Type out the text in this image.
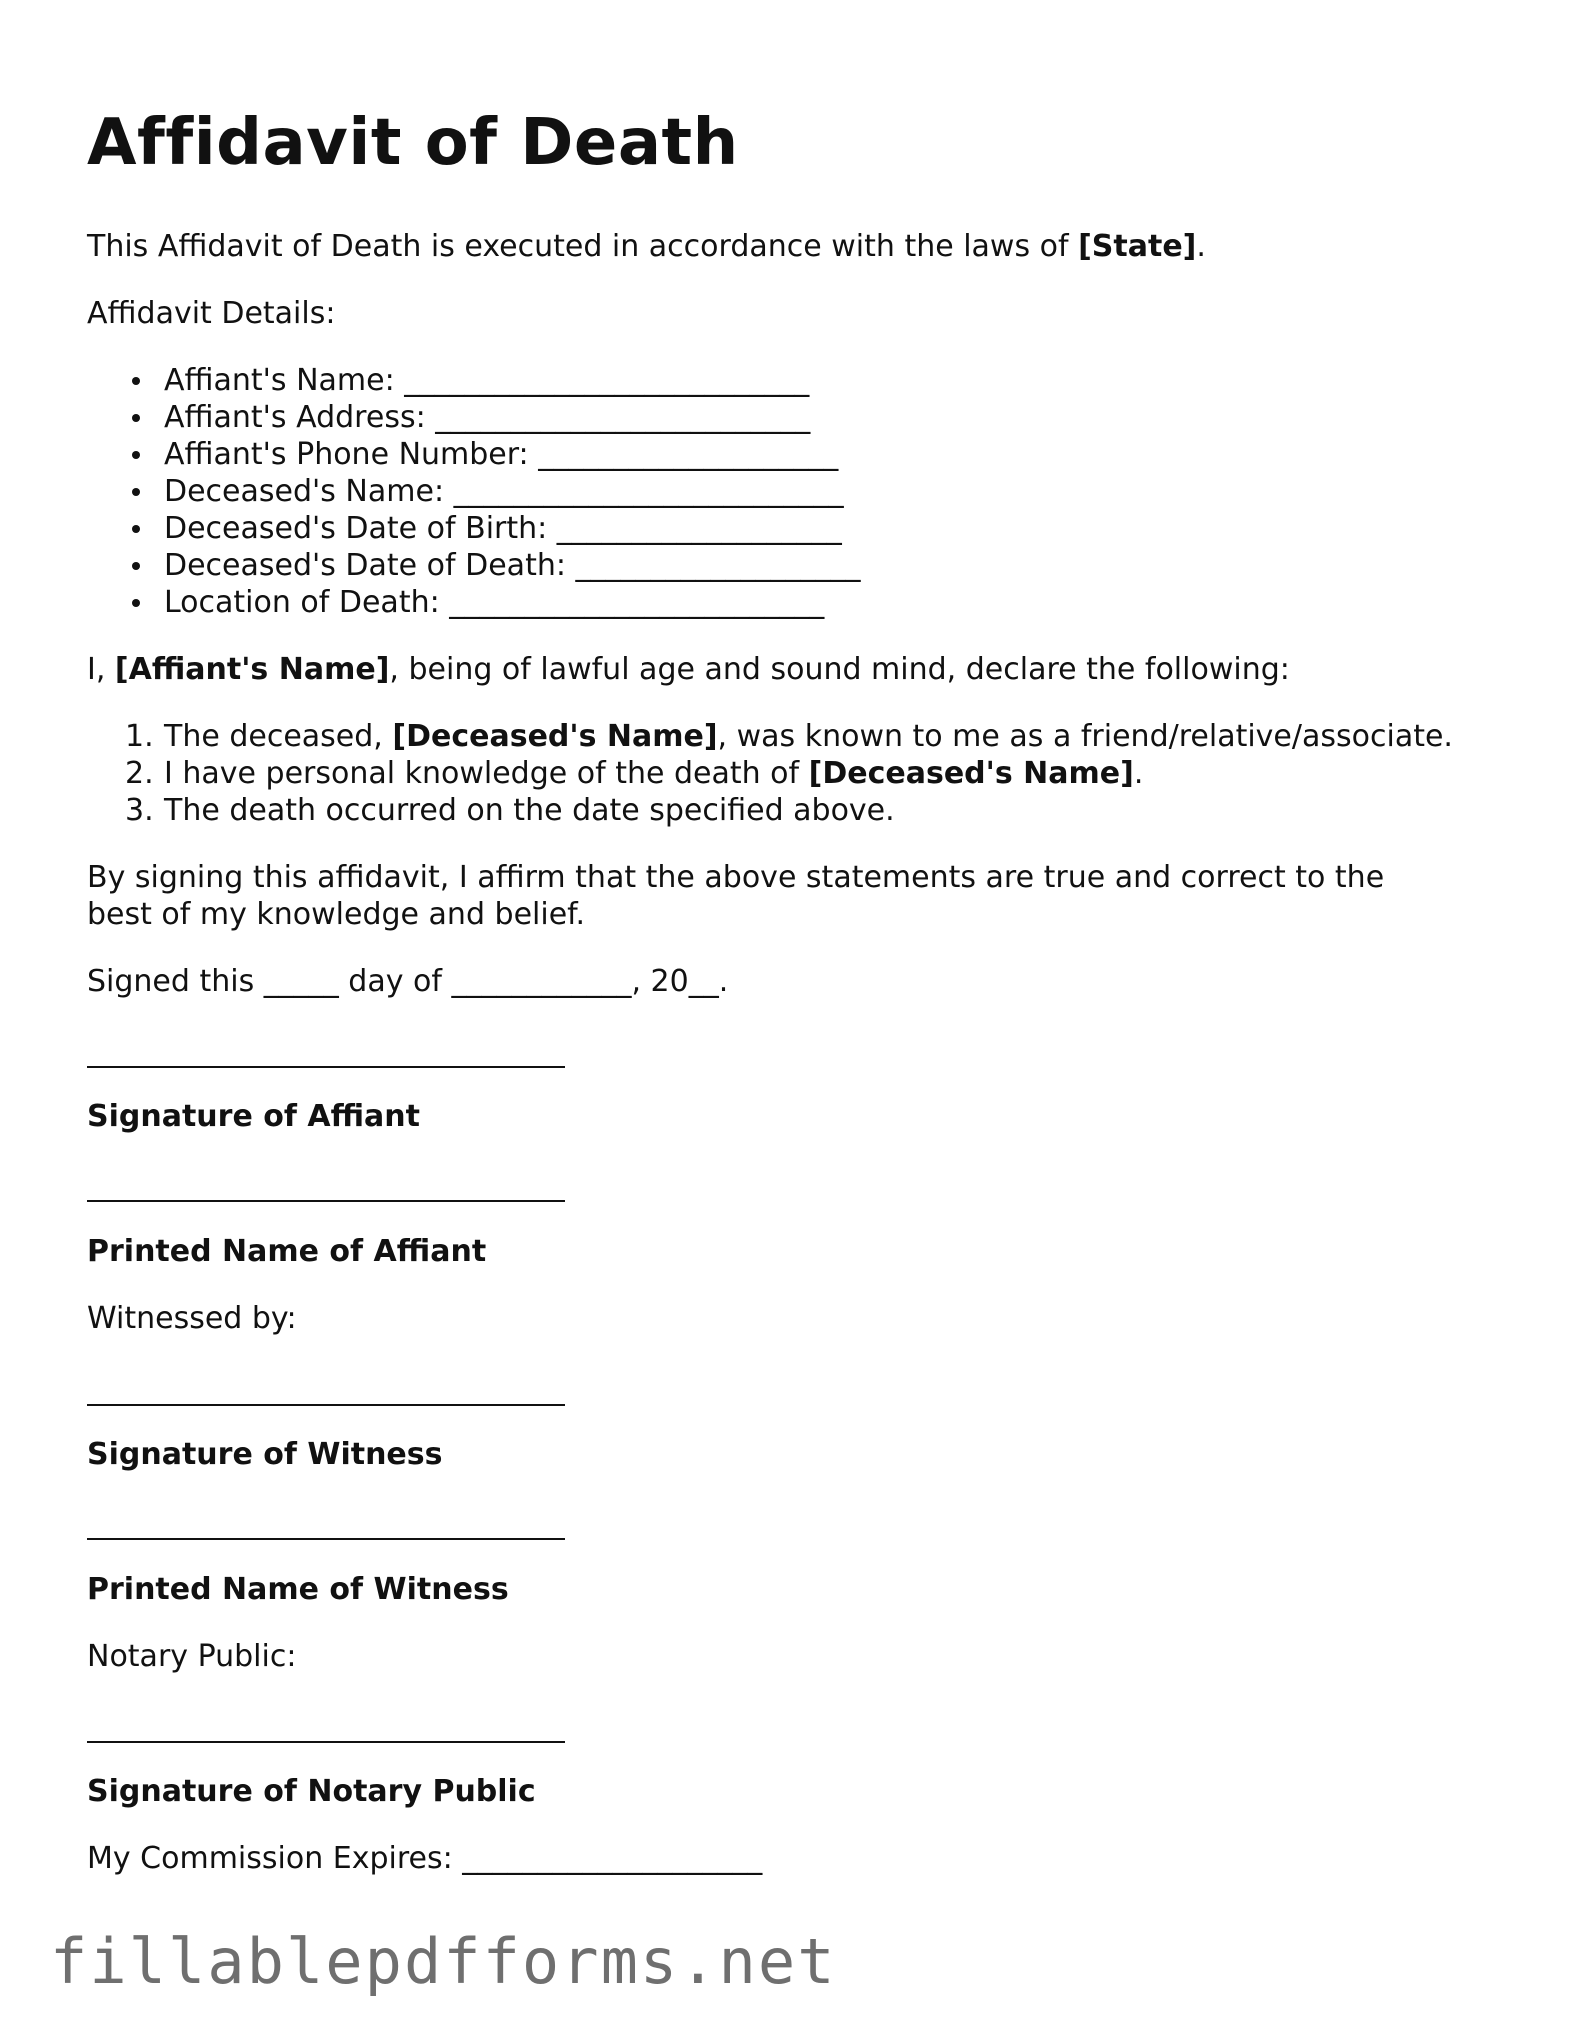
Affidavit of Death

This Affidavit of Death is executed in accordance with the laws of [State].

Affidavit Details:

Affiant's Name: ___________________________
Affiant's Address: _________________________
Affiant's Phone Number: ____________________
Deceased's Name: __________________________
Deceased's Date of Birth: ___________________
Deceased's Date of Death: ___________________
Location of Death: _________________________

I, [Affiant's Name], being of lawful age and sound mind, declare the following:

1. The deceased, [Deceased's Name], was known to me as a friend/relative/associate.
2. I have personal knowledge of the death of [Deceased's Name].
3. The death occurred on the date specified above.

By signing this affidavit, I affirm that the above statements are true and correct to the

best of my knowledge and belief.

Signed this _____ day of ____________, 20__.

Signature of Affiant

Printed Name of Affiant

Witnessed by:

Signature of Witness

Printed Name of Witness

Notary Public:

Signature of Notary Public

My Commission Expires: ____________________

fillablepdfforms.net
